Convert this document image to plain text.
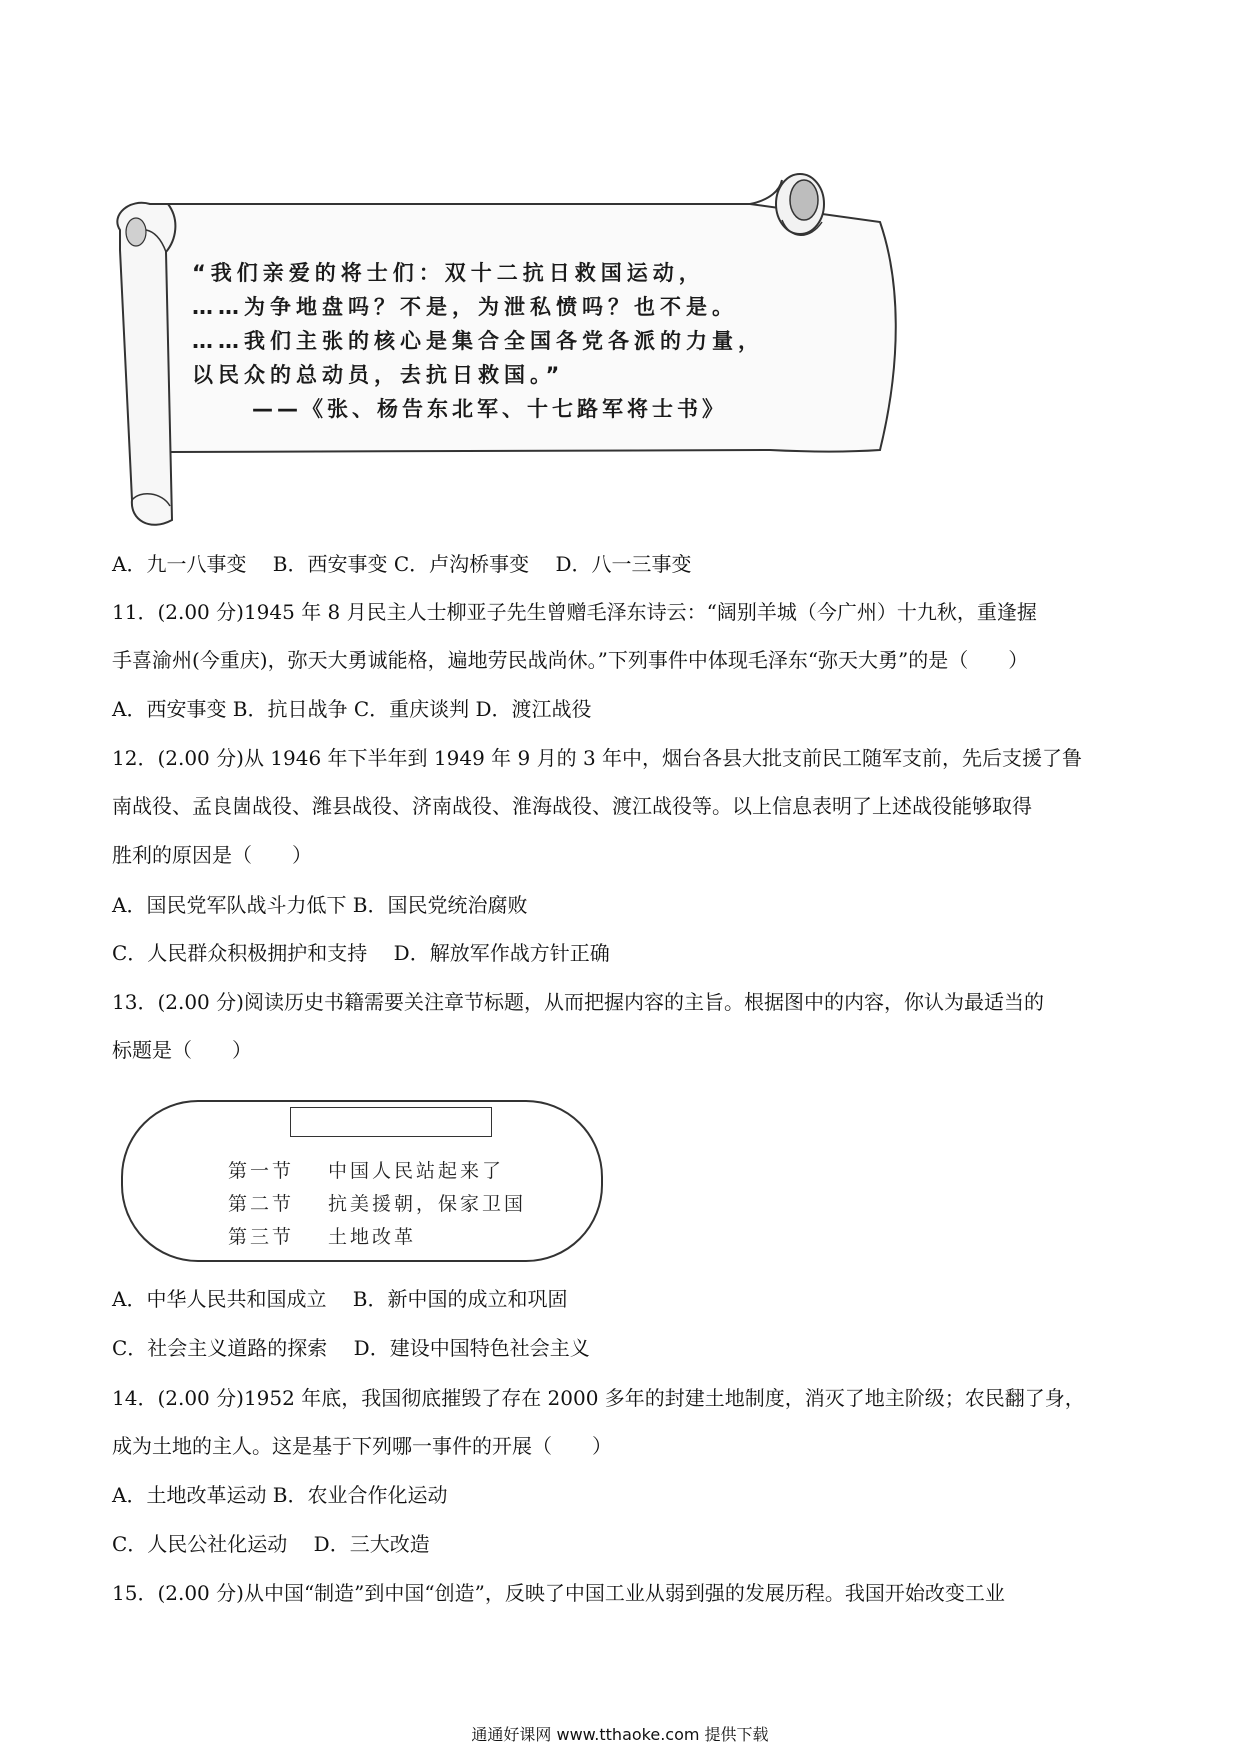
“我们亲爱的将士们：双十二抗日救国运动，
……为争地盘吗？不是，为泄私愤吗？也不是。
……我们主张的核心是集合全国各党各派的力量，
以民众的总动员，去抗日救国。”
——《张、杨告东北军、十七路军将士书》
A．九一八事变　 B．西安事变 C．卢沟桥事变　 D．八一三事变
11．(2.00 分)1945 年 8 月民主人士柳亚子先生曾赠毛泽东诗云：“阔别羊城（今广州）十九秋，重逢握
手喜渝州(今重庆)，弥天大勇诚能格，遍地劳民战尚休。”下列事件中体现毛泽东“弥天大勇”的是（　　）
A．西安事变 B．抗日战争 C．重庆谈判 D．渡江战役
12．(2.00 分)从 1946 年下半年到 1949 年 9 月的 3 年中，烟台各县大批支前民工随军支前，先后支援了鲁
南战役、孟良崮战役、潍县战役、济南战役、淮海战役、渡江战役等。以上信息表明了上述战役能够取得
胜利的原因是（　　）
A．国民党军队战斗力低下 B．国民党统治腐败
C．人民群众积极拥护和支持　 D．解放军作战方针正确
13．(2.00 分)阅读历史书籍需要关注章节标题，从而把握内容的主旨。根据图中的内容，你认为最适当的
标题是（　　）
第一节 中国人民站起来了
第二节 抗美援朝，保家卫国
第三节 土地改革
A．中华人民共和国成立　 B．新中国的成立和巩固
C．社会主义道路的探索　 D．建设中国特色社会主义
14．(2.00 分)1952 年底，我国彻底摧毁了存在 2000 多年的封建土地制度，消灭了地主阶级；农民翻了身，
成为土地的主人。这是基于下列哪一事件的开展（　　）
A．土地改革运动 B．农业合作化运动
C．人民公社化运动　 D．三大改造
15．(2.00 分)从中国“制造”到中国“创造”，反映了中国工业从弱到强的发展历程。我国开始改变工业
通通好课网 www.tthaoke.com 提供下载
